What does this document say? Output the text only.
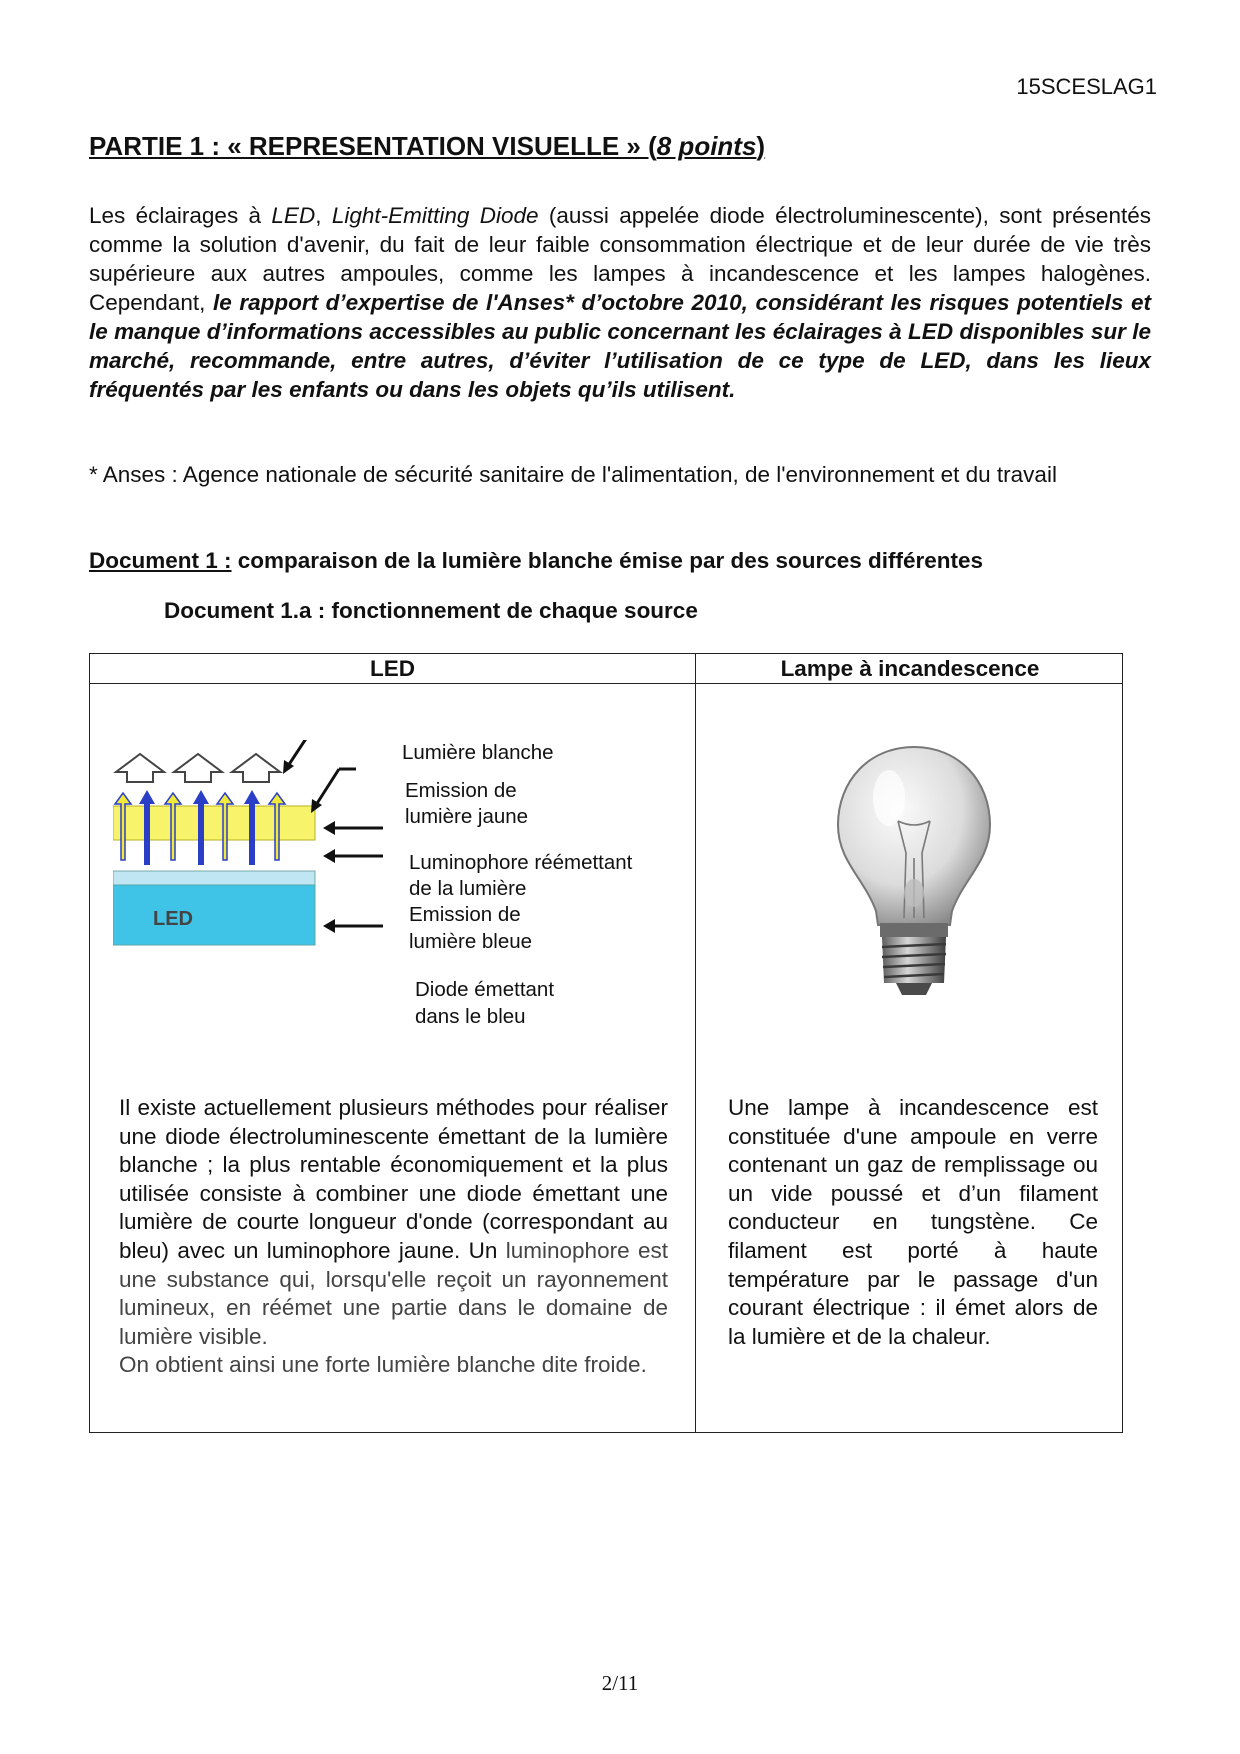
15SCESLAG1
PARTIE 1 : « REPRESENTATION VISUELLE » (8 points)

Les éclairages à LED, Light-Emitting Diode (aussi appelée diode électroluminescente), sont présentés comme la solution d'avenir, du fait de leur faible consommation électrique et de leur durée de vie très supérieure aux autres ampoules, comme les lampes à incandescence et les lampes halogènes. Cependant, le rapport d’expertise de l'Anses* d’octobre 2010, considérant les risques potentiels et le manque d’informations accessibles au public concernant les éclairages à LED disponibles sur le marché, recommande, entre autres, d’éviter l’utilisation de ce type de LED, dans les lieux fréquentés par les enfants ou dans les objets qu’ils utilisent.

* Anses : Agence nationale de sécurité sanitaire de l'alimentation, de l'environnement et du travail

Document 1 : comparaison de la lumière blanche émise par des sources différentes

Document 1.a : fonctionnement de chaque source

LED	Lampe à incandescence
LED
Lumière blanche
Emission de
lumière jaune
Luminophore réémettant
de la lumière
Emission de
lumière bleue
Diode émettant
dans le bleu

Il existe actuellement plusieurs méthodes pour réaliser une diode électroluminescente émettant de la lumière blanche ; la plus rentable économiquement et la plus utilisée consiste à combiner une diode émettant une lumière de courte longueur d'onde (correspondant au bleu) avec un luminophore jaune. Un luminophore est une substance qui, lorsqu'elle reçoit un rayonnement lumineux, en réémet une partie dans le domaine de lumière visible.
On obtient ainsi une forte lumière blanche dite froide.

Une lampe à incandescence est constituée d'une ampoule en verre contenant un gaz de remplissage ou un vide poussé et d’un filament conducteur en tungstène. Ce filament est porté à haute température par le passage d'un courant électrique : il émet alors de la lumière et de la chaleur.

2/11
